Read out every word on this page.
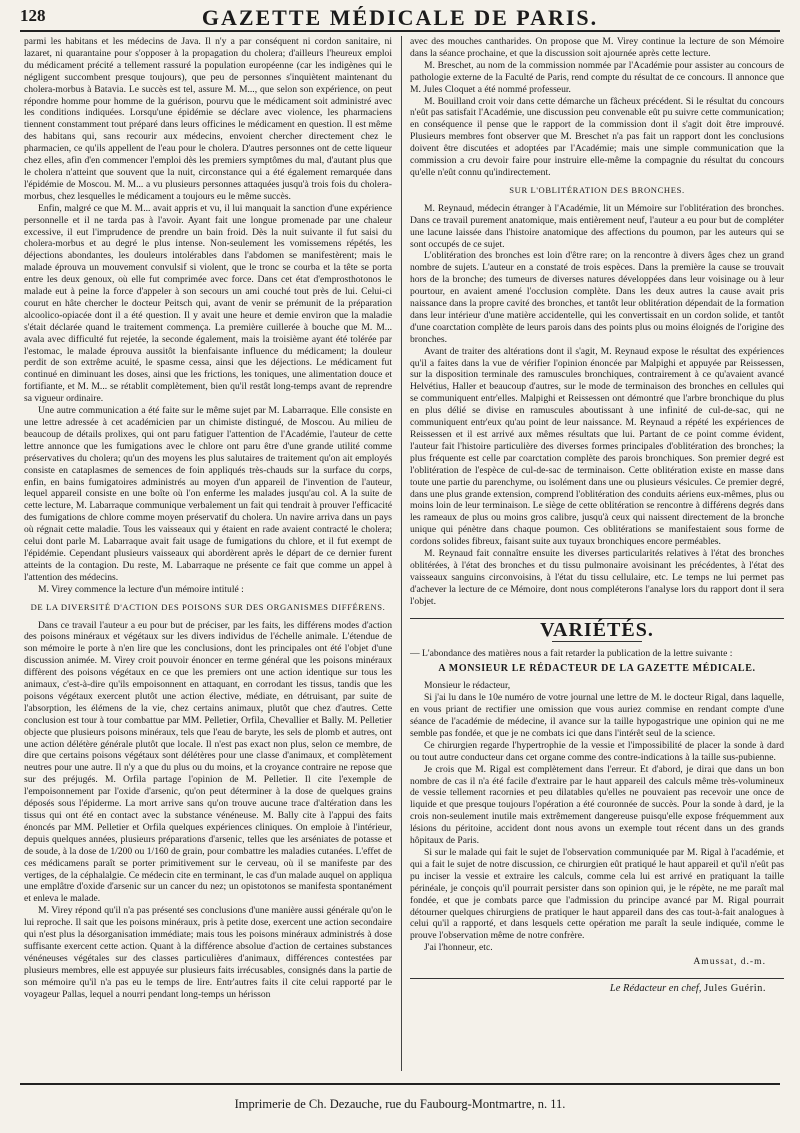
128	GAZETTE MÉDICALE DE PARIS.

parmi les habitans et les médecins de Java. Il n'y a par conséquent ni cordon sanitaire, ni lazaret, ni quarantaine pour s'opposer à la propagation du cholera; d'ailleurs l'heureux emploi du médicament précité a tellement rassuré la population européenne (car les indigènes qui le négligent succombent presque toujours), que peu de personnes s'inquiètent maintenant du cholera-morbus à Batavia. Le succès est tel, assure M. M..., que selon son expérience, on peut répondre homme pour homme de la guérison, pourvu que le médicament soit administré avec les conditions indiquées. Lorsqu'une épidémie se déclare avec violence, les pharmaciens tiennent constamment tout préparé dans leurs officines le médicament en question. Il est même des habitans qui, sans recourir aux médecins, envoient chercher directement chez le pharmacien, ce qu'ils appellent de l'eau pour le cholera. D'autres personnes ont de cette liqueur chez elles, afin d'en commencer l'emploi dès les premiers symptômes du mal, d'autant plus que le cholera n'atteint que souvent que la nuit, circonstance qui a été également remarquée dans l'épidémie de Moscou. M. M... a vu plusieurs personnes attaquées jusqu'à trois fois du cholera-morbus, chez lesquelles le médicament a toujours eu le même succès.

Enfin, malgré ce que M. M... avait appris et vu, il lui manquait la sanction d'une expérience personnelle et il ne tarda pas à l'avoir. Ayant fait une longue promenade par une chaleur excessive, il eut l'imprudence de prendre un bain froid. Dès la nuit suivante il fut saisi du cholera-morbus et au degré le plus intense. Non-seulement les vomissemens répétés, les déjections abondantes, les douleurs intolérables dans l'abdomen se manifestèrent; mais le malade éprouva un mouvement convulsif si violent, que le tronc se courba et la tête se porta entre les deux genoux, où elle fut comprimée avec force. Dans cet état d'emprosthotonos le malade eut à peine la force d'appeler à son secours un ami couché tout près de lui. Celui-ci courut en hâte chercher le docteur Peitsch qui, avant de venir se prémunit de la préparation alcoolico-opiacée dont il a été question. Il y avait une heure et demie environ que la maladie s'était déclarée quand le traitement commença. La première cuillerée à bouche que M. M... avala avec difficulté fut rejetée, la seconde également, mais la troisième ayant été tolérée par l'estomac, le malade éprouva aussitôt la bienfaisante influence du médicament; la douleur perdit de son extrême acuité, le spasme cessa, ainsi que les déjections. Le médicament fut continué en diminuant les doses, ainsi que les frictions, les toniques, une alimentation douce et fortifiante, et M. M... se rétablit complètement, bien qu'il restât long-temps avant de reprendre sa vigueur ordinaire.

Une autre communication a été faite sur le même sujet par M. Labarraque. Elle consiste en une lettre adressée à cet académicien par un chimiste distingué, de Moscou. Au milieu de beaucoup de détails prolixes, qui ont paru fatiguer l'attention de l'Académie, l'auteur de cette lettre annonce que les fumigations avec le chlore ont paru être d'une grande utilité comme préservatives du cholera; qu'un des moyens les plus salutaires de traitement qu'on ait employés consiste en cataplasmes de semences de foin appliqués très-chauds sur la surface du corps, enfin, en bains fumigatoires administrés au moyen d'un appareil de l'invention de l'auteur, lequel appareil consiste en une boîte où l'on enferme les malades jusqu'au col. A la suite de cette lecture, M. Labarraque communique verbalement un fait qui tendrait à prouver l'efficacité des fumigations de chlore comme moyen préservatif du cholera. Un navire arriva dans un pays où régnait cette maladie. Tous les vaisseaux qui y étaient en rade avaient contracté le cholera; celui dont parle M. Labarraque avait fait usage de fumigations du chlore, et il fut exempt de l'épidémie. Cependant plusieurs vaisseaux qui abordèrent après le départ de ce dernier furent atteints de la contagion. Du reste, M. Labarraque ne présente ce fait que comme un appel à l'attention des médecins.

M. Virey commence la lecture d'un mémoire intitulé :

DE LA DIVERSITÉ D'ACTION DES POISONS SUR DES ORGANISMES DIFFÉRENS.

Dans ce travail l'auteur a eu pour but de préciser, par les faits, les différens modes d'action des poisons minéraux et végétaux sur les divers individus de l'échelle animale. L'étendue de son mémoire le porte à n'en lire que les conclusions, dont les principales ont été l'objet d'une discussion animée. M. Virey croit pouvoir énoncer en terme général que les poisons minéraux diffèrent des poisons végétaux en ce que les premiers ont une action identique sur tous les animaux, c'est-à-dire qu'ils empoisonnent en attaquant, en corrodant les tissus, tandis que les poisons végétaux exercent plutôt une action élective, médiate, en détruisant, par suite de l'absorption, les élémens de la vie, chez certains animaux, plutôt que chez d'autres. Cette conclusion est tour à tour combattue par MM. Pelletier, Orfila, Chevallier et Bally. M. Pelletier objecte que plusieurs poisons minéraux, tels que l'eau de baryte, les sels de plomb et autres, ont une action délétère générale plutôt que locale. Il n'est pas exact non plus, selon ce membre, de dire que certains poisons végétaux sont délétères pour une classe d'animaux, et complètement neutres pour une autre. Il n'y a que du plus ou du moins, et la croyance contraire ne repose que sur des préjugés. M. Orfila partage l'opinion de M. Pelletier. Il cite l'exemple de l'empoisonnement par l'oxide d'arsenic, qu'on peut déterminer à la dose de quelques grains déposés sous l'épiderme. La mort arrive sans qu'on trouve aucune trace d'altération dans les tissus qui ont été en contact avec la substance vénéneuse. M. Bally cite à l'appui des faits énoncés par MM. Pelletier et Orfila quelques expériences cliniques. On emploie à l'intérieur, depuis quelques années, plusieurs préparations d'arsenic, telles que les arséniates de potasse et de soude, à la dose de 1/200 ou 1/160 de grain, pour combattre les maladies cutanées. L'effet de ces médicamens paraît se porter primitivement sur le cerveau, où il se manifeste par des vertiges, de la céphalalgie. Ce médecin cite en terminant, le cas d'un malade auquel on appliqua une emplâtre d'oxide d'arsenic sur un cancer du nez; un opistotonos se manifesta spontanément et enleva le malade.

M. Virey répond qu'il n'a pas présenté ses conclusions d'une manière aussi générale qu'on le lui reproche. Il sait que les poisons minéraux, pris à petite dose, exercent une action secondaire qui n'est plus la désorganisation immédiate; mais tous les poisons minéraux administrés à dose suffisante exercent cette action. Quant à la différence absolue d'action de certaines substances vénéneuses végétales sur des classes particulières d'animaux, différences contestées par plusieurs membres, elle est appuyée sur plusieurs faits irrécusables, consignés dans la partie de son mémoire qu'il n'a pas eu le temps de lire. Entr'autres faits il cite celui rapporté par le voyageur Pallas, lequel a nourri pendant long-temps un hérisson

avec des mouches cantharides. On propose que M. Virey continue la lecture de son Mémoire dans la séance prochaine, et que la discussion soit ajournée après cette lecture.

M. Breschet, au nom de la commission nommée par l'Académie pour assister au concours de pathologie externe de la Faculté de Paris, rend compte du résultat de ce concours. Il annonce que M. Jules Cloquet a été nommé professeur.

M. Bouilland croit voir dans cette démarche un fâcheux précédent. Si le résultat du concours n'eût pas satisfait l'Académie, une discussion peu convenable eût pu suivre cette communication; en conséquence il pense que le rapport de la commission dont il s'agit doit être improuvé. Plusieurs membres font observer que M. Breschet n'a pas fait un rapport dont les conclusions doivent être discutées et adoptées par l'Académie; mais une simple communication que la commission a cru devoir faire pour instruire elle-même la compagnie du résultat du concours qu'elle n'eût connu qu'indirectement.

SUR L'OBLITÉRATION DES BRONCHES.

M. Reynaud, médecin étranger à l'Académie, lit un Mémoire sur l'oblitération des bronches. Dans ce travail purement anatomique, mais entièrement neuf, l'auteur a eu pour but de compléter une lacune laissée dans l'histoire anatomique des affections du poumon, par les auteurs qui se sont occupés de ce sujet.

L'oblitération des bronches est loin d'être rare; on la rencontre à divers âges chez un grand nombre de sujets. L'auteur en a constaté de trois espèces. Dans la première la cause se trouvait hors de la bronche; des tumeurs de diverses natures développées dans leur voisinage ou à leur pourtour, en avaient amené l'occlusion complète. Dans les deux autres la cause avait pris naissance dans la propre cavité des bronches, et tantôt leur oblitération dépendait de la formation dans leur intérieur d'une matière accidentelle, qui les convertissait en un cordon solide, et tantôt d'une coarctation complète de leurs parois dans des points plus ou moins éloignés de l'origine des bronches.

Avant de traiter des altérations dont il s'agit, M. Reynaud expose le résultat des expériences qu'il a faites dans la vue de vérifier l'opinion énoncée par Malpighi et appuyée par Reissessen, sur la disposition terminale des ramuscules bronchiques, contrairement à ce qu'avaient avancé Helvétius, Haller et beaucoup d'autres, sur le mode de terminaison des bronches en cellules qui se communiquent entr'elles. Malpighi et Reissessen ont démontré que l'arbre bronchique du plus en plus délié se divise en ramuscules aboutissant à une infinité de cul-de-sac, qui ne communiquent entr'eux qu'au point de leur naissance. M. Reynaud a répété les expériences de Reissessen et il est arrivé aux mêmes résultats que lui. Partant de ce point comme évident, l'auteur fait l'histoire particulière des diverses formes principales d'oblitération des bronches; la plus fréquente est celle par coarctation complète des parois bronchiques. Son premier degré est l'oblitération de l'espèce de cul-de-sac de terminaison. Cette oblitération existe en masse dans toute une partie du parenchyme, ou isolément dans une ou plusieurs vésicules. Ce premier degré, dans une plus grande extension, comprend l'oblitération des conduits aériens eux-mêmes, plus ou moins loin de leur terminaison. Le siège de cette oblitération se rencontre à différens degrés dans les rameaux de plus ou moins gros calibre, jusqu'à ceux qui naissent directement de la bronche unique qui pénètre dans chaque poumon. Ces oblitérations se manifestaient sous forme de cordons solides fibreux, faisant suite aux tuyaux bronchiques encore perméables.

M. Reynaud fait connaître ensuite les diverses particularités relatives à l'état des bronches oblitérées, à l'état des bronches et du tissu pulmonaire avoisinant les précédentes, à l'état des vaisseaux sanguins circonvoisins, à l'état du tissu cellulaire, etc. Le temps ne lui permet pas d'achever la lecture de ce Mémoire, dont nous compléterons l'analyse lors du rapport dont il sera l'objet.

VARIÉTÉS.

— L'abondance des matières nous a fait retarder la publication de la lettre suivante :

A MONSIEUR LE RÉDACTEUR DE LA GAZETTE MÉDICALE.

Monsieur le rédacteur,

Si j'ai lu dans le 10e numéro de votre journal une lettre de M. le docteur Rigal, dans laquelle, en vous priant de rectifier une omission que vous auriez commise en rendant compte d'une séance de l'académie de médecine, il avance sur la taille hypogastrique une opinion qui ne me semble pas fondée, et que je ne combats ici que dans l'intérêt seul de la science.

Ce chirurgien regarde l'hypertrophie de la vessie et l'impossibilité de placer la sonde à dard ou tout autre conducteur dans cet organe comme des contre-indications à la taille sus-pubienne.

Je crois que M. Rigal est complètement dans l'erreur. Et d'abord, je dirai que dans un bon nombre de cas il n'a été facile d'extraire par le haut appareil des calculs même très-volumineux de vessie tellement racornies et peu dilatables qu'elles ne pouvaient pas recevoir une once de liquide et que presque toujours l'opération a été couronnée de succès. Pour la sonde à dard, je la crois non-seulement inutile mais extrêmement dangereuse puisqu'elle expose fréquemment aux lésions du péritoine, accident dont nous avons un exemple tout récent dans un des grands hôpitaux de Paris.

Si sur le malade qui fait le sujet de l'observation communiquée par M. Rigal à l'académie, et qui a fait le sujet de notre discussion, ce chirurgien eût pratiqué le haut appareil et qu'il n'eût pas pu inciser la vessie et extraire les calculs, comme cela lui est arrivé en pratiquant la taille périnéale, je conçois qu'il pourrait persister dans son opinion qui, je le répète, ne me paraît mal fondée, et que je combats parce que l'admission du principe avancé par M. Rigal pourrait détourner quelques chirurgiens de pratiquer le haut appareil dans des cas tout-à-fait analogues à celui qu'il a rapporté, et dans lesquels cette opération me paraît la seule indiquée, comme le prouve l'observation même de notre confrère.

J'ai l'honneur, etc.

Amussat, d.-m.
Le Rédacteur en chef, Jules Guérin.
Imprimerie de Ch. Dezauche, rue du Faubourg-Montmartre, n. 11.
